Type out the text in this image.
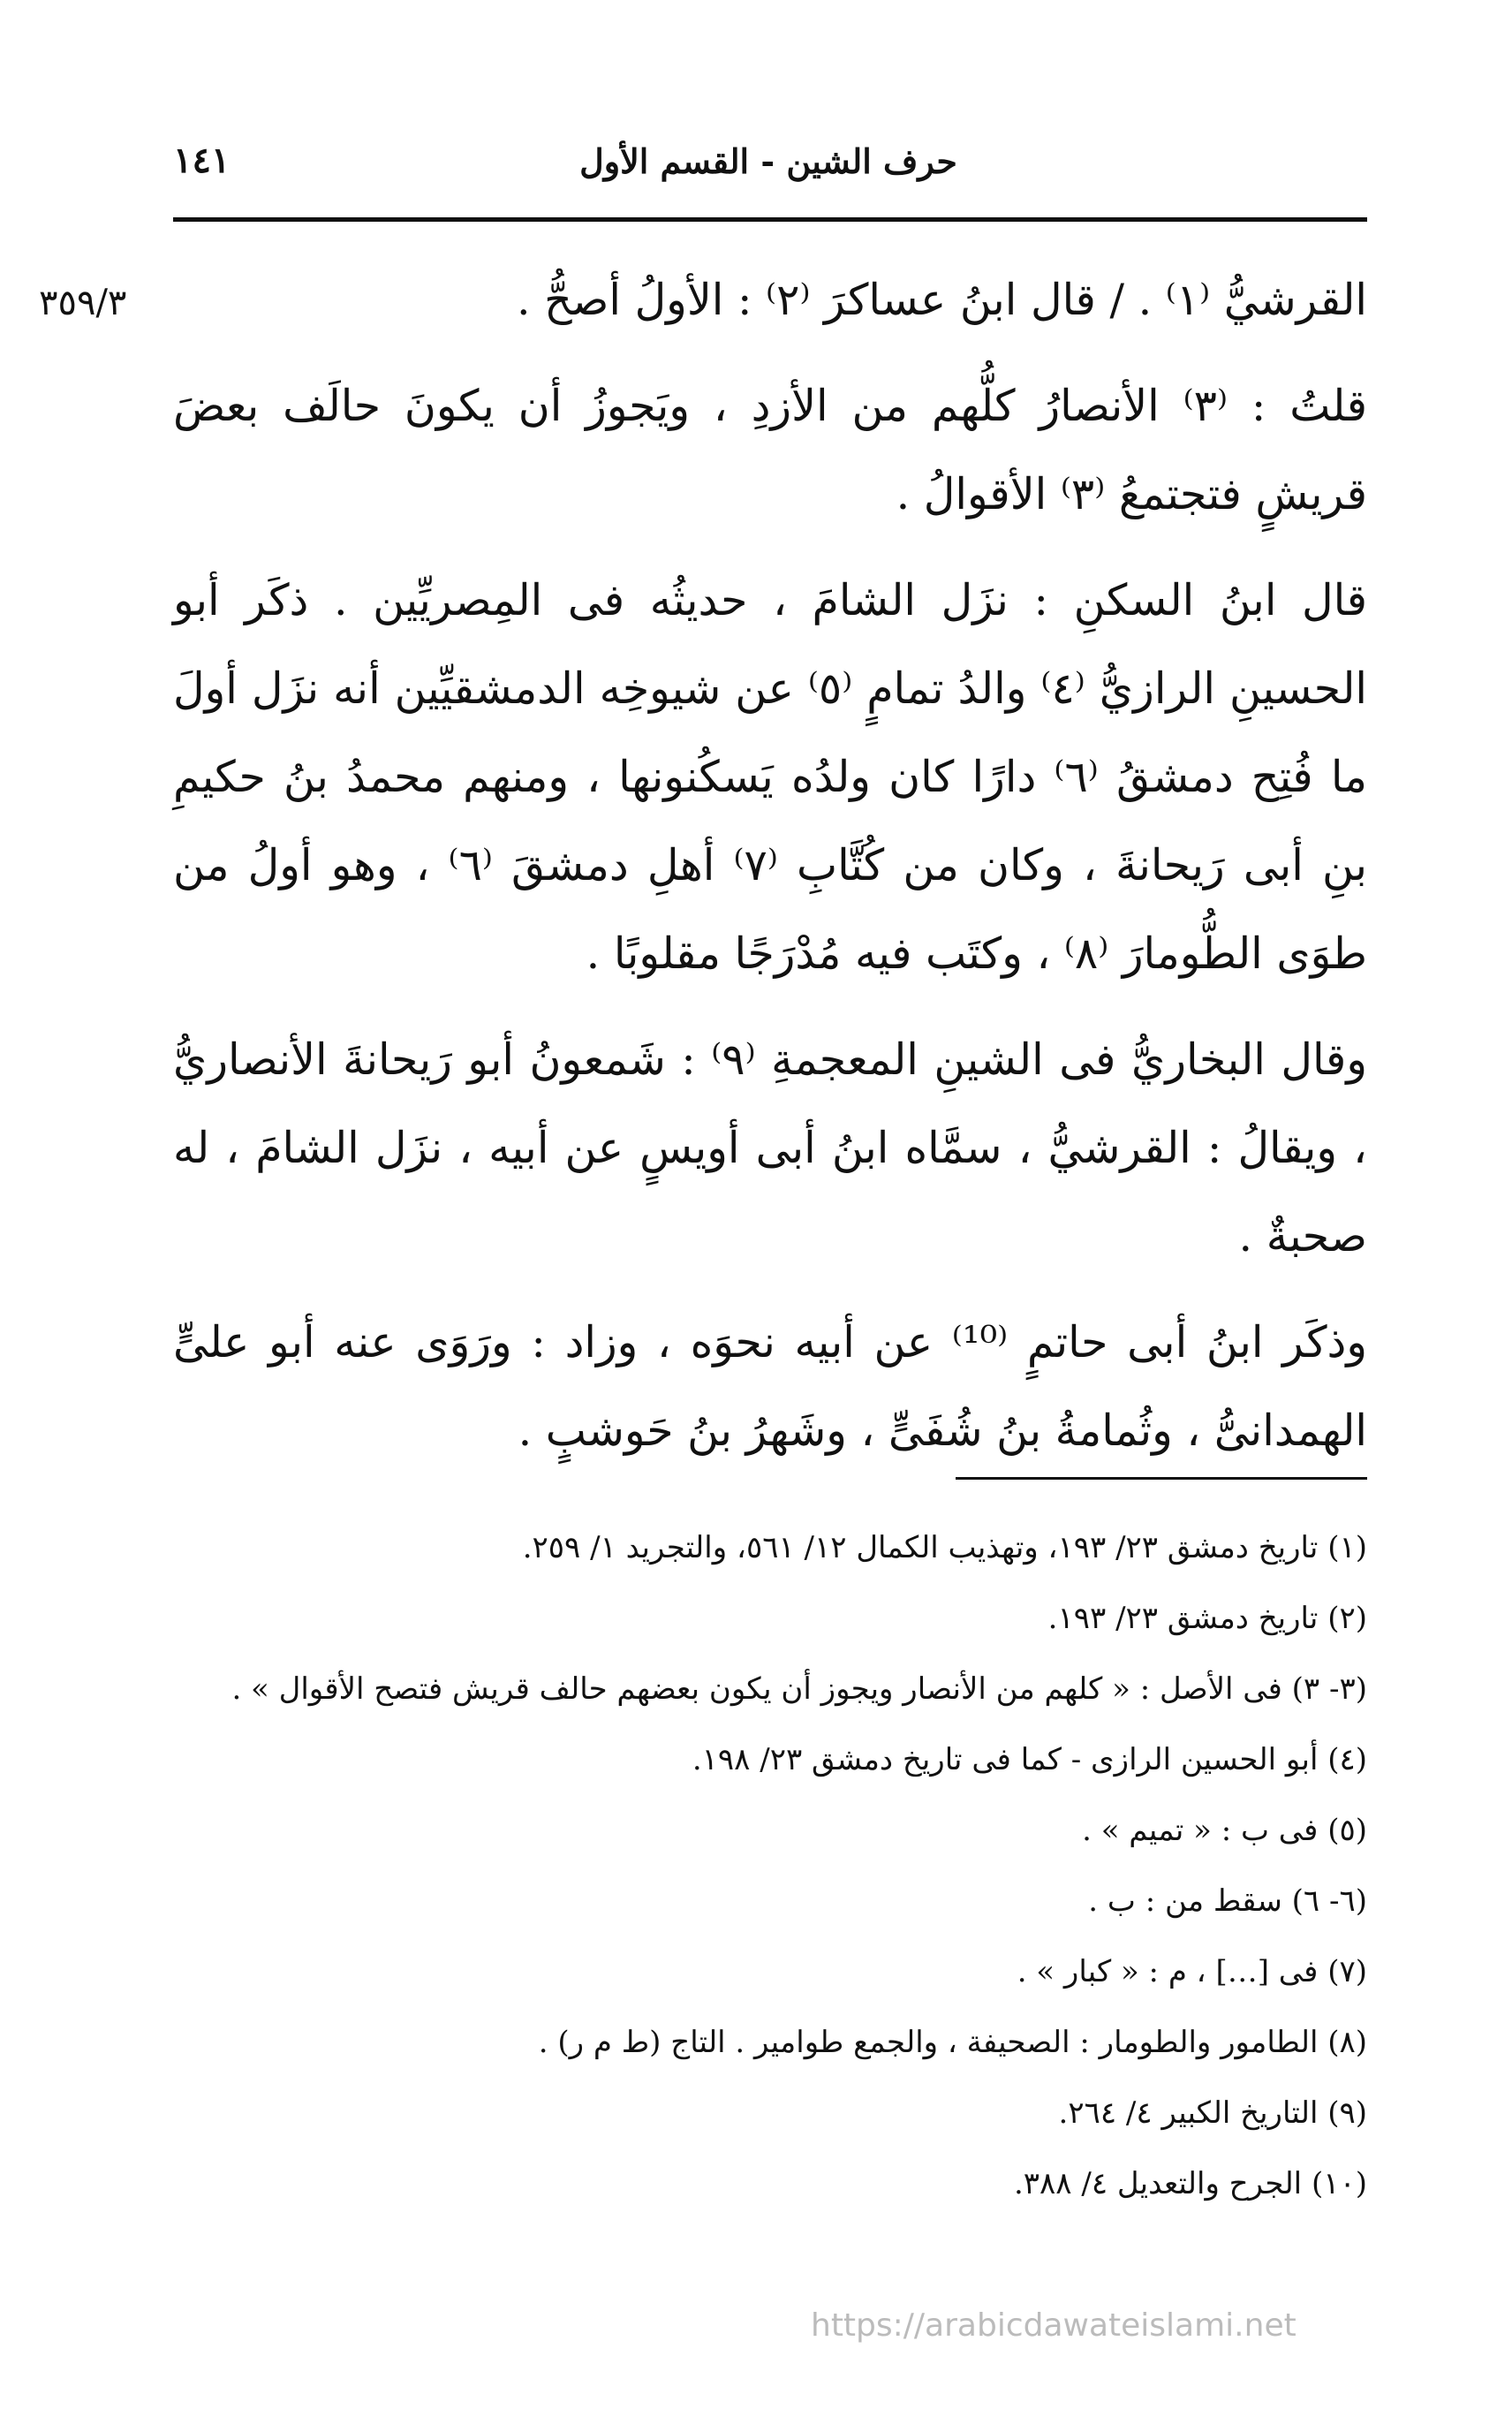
١٤١	حرف الشين - القسم الأول
٣٥٩/٣	القرشيُّ ⁽١⁾ . / قال ابنُ عساكرَ ⁽٢⁾ : الأولُ أصحُّ .

قلتُ : ⁽٣⁾ الأنصارُ كلُّهم من الأزدِ ، ويَجوزُ أن يكونَ حالَف بعضَ قريشٍ فتجتمعُ ⁽٣⁾ الأقوالُ .

قال ابنُ السكنِ : نزَل الشامَ ، حديثُه فى المِصريِّين . ذكَر أبو الحسينِ الرازيُّ ⁽٤⁾ والدُ تمامٍ ⁽٥⁾ عن شيوخِه الدمشقيِّين أنه نزَل أولَ ما فُتِح دمشقُ ⁽٦⁾ دارًا كان ولدُه يَسكُنونها ، ومنهم محمدُ بنُ حكيمِ بنِ أبى رَيحانةَ ، وكان من كُتَّابِ ⁽٧⁾ أهلِ دمشقَ ⁽٦⁾ ، وهو أولُ من طوَى الطُّومارَ ⁽٨⁾ ، وكتَب فيه مُدْرَجًا مقلوبًا .

وقال البخاريُّ فى الشينِ المعجمةِ ⁽٩⁾ : شَمعونُ أبو رَيحانةَ الأنصاريُّ ، ويقالُ : القرشيُّ ، سمَّاه ابنُ أبى أويسٍ عن أبيه ، نزَل الشامَ ، له صحبةٌ .

وذكَر ابنُ أبى حاتمٍ ⁽¹⁰⁾ عن أبيه نحوَه ، وزاد : ورَوَى عنه أبو علىٍّ الهمدانىُّ ، وثُمامةُ بنُ شُفَىٍّ ، وشَهرُ بنُ حَوشبٍ .

(١) تاريخ دمشق ٢٣/ ١٩٣، وتهذيب الكمال ١٢/ ٥٦١، والتجريد ١/ ٢٥٩.
(٢) تاريخ دمشق ٢٣/ ١٩٣.
(٣- ٣) فى الأصل : « كلهم من الأنصار ويجوز أن يكون بعضهم حالف قريش فتصح الأقوال » .
(٤) أبو الحسين الرازى - كما فى تاريخ دمشق ٢٣/ ١٩٨.
(٥) فى ب : « تميم » .
(٦- ٦) سقط من : ب .
(٧) فى […] ، م : « كبار » .
(٨) الطامور والطومار : الصحيفة ، والجمع طوامير . التاج (ط م ر) .
(٩) التاريخ الكبير ٤/ ٢٦٤.
(١٠) الجرح والتعديل ٤/ ٣٨٨.
https://arabicdawateislami.net
